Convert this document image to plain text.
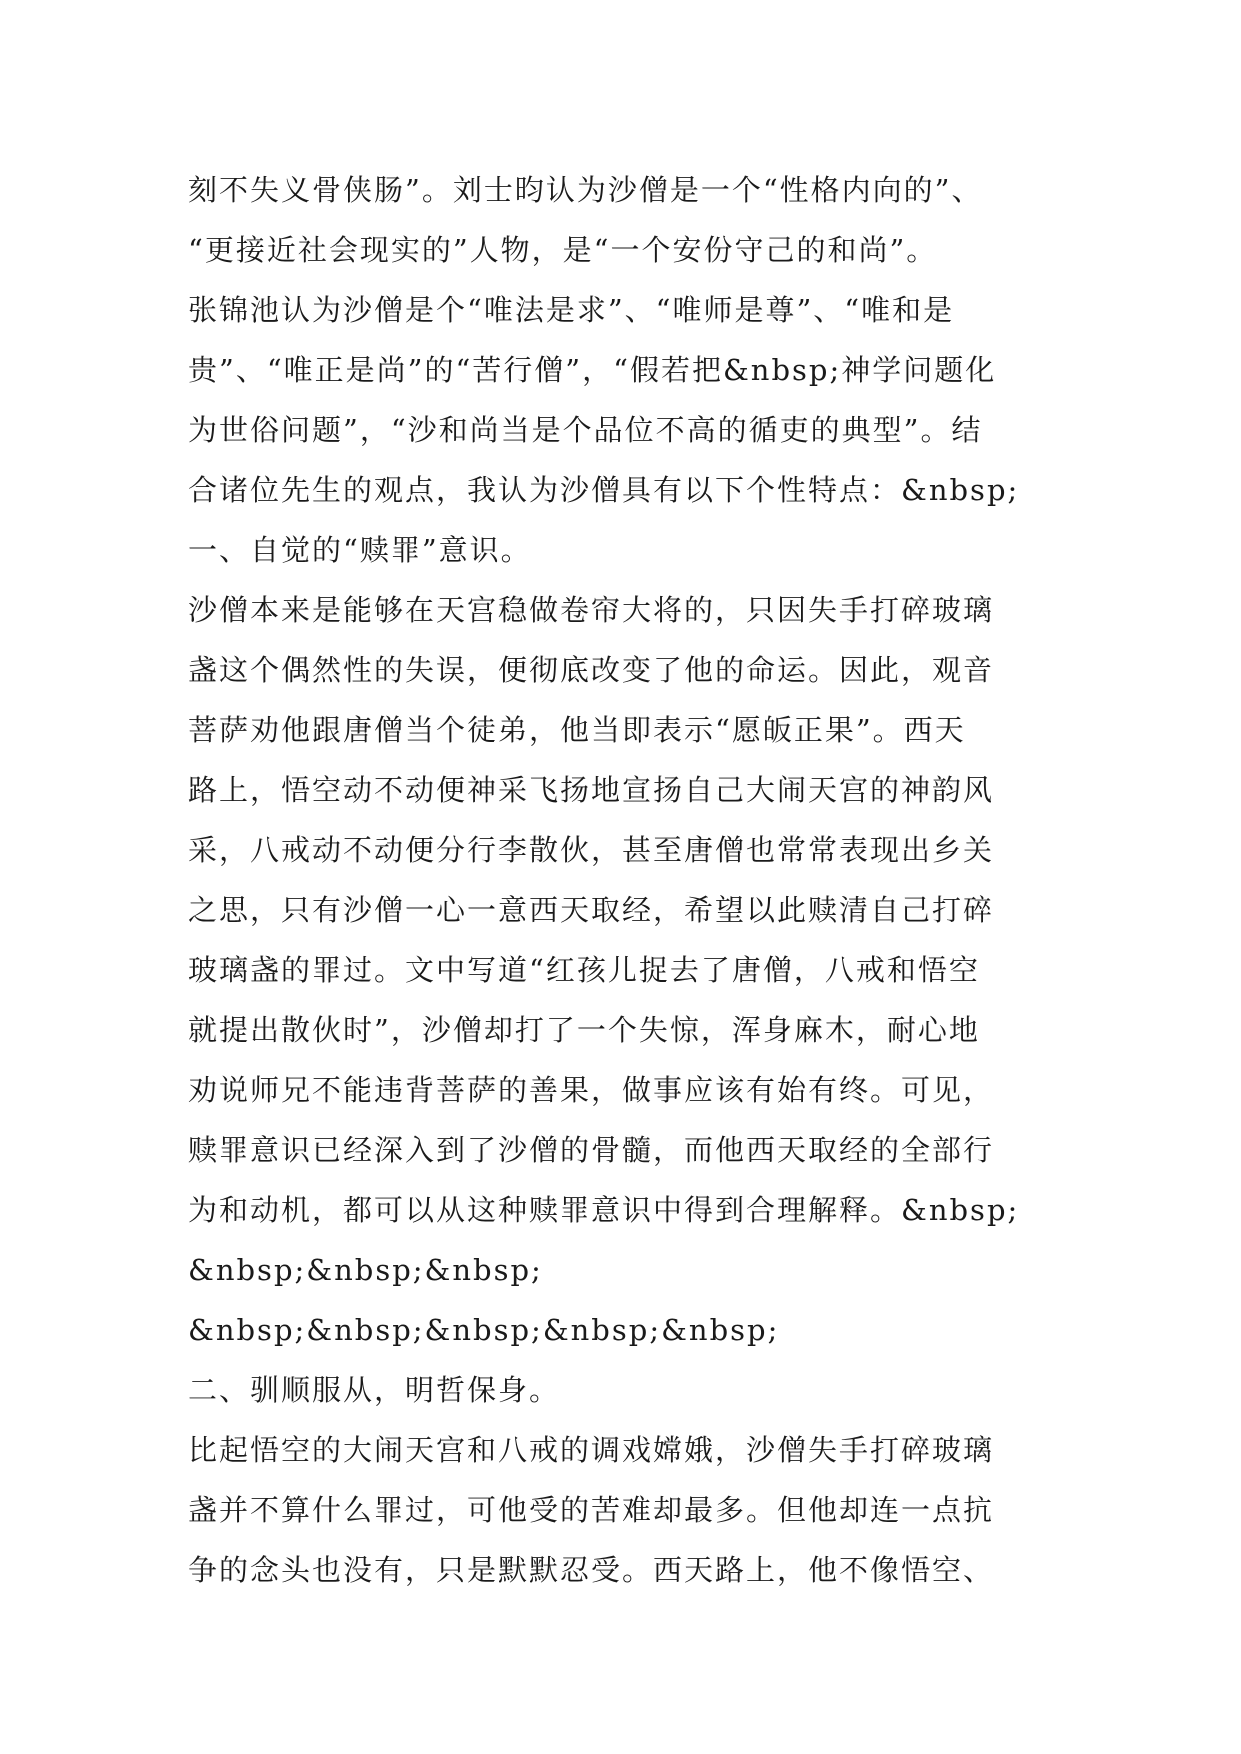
刻不失义骨侠肠”。刘士昀认为沙僧是一个“性格内向的”、
“更接近社会现实的”人物，是“一个安份守己的和尚”。
张锦池认为沙僧是个“唯法是求”、“唯师是尊”、“唯和是
贵”、“唯正是尚”的“苦行僧”，“假若把&nbsp;神学问题化
为世俗问题”，“沙和尚当是个品位不高的循吏的典型”。结
合诸位先生的观点，我认为沙僧具有以下个性特点：&nbsp;
一、自觉的“赎罪”意识。
沙僧本来是能够在天宫稳做卷帘大将的，只因失手打碎玻璃
盏这个偶然性的失误，便彻底改变了他的命运。因此，观音
菩萨劝他跟唐僧当个徒弟，他当即表示“愿皈正果”。西天
路上，悟空动不动便神采飞扬地宣扬自己大闹天宫的神韵风
采，八戒动不动便分行李散伙，甚至唐僧也常常表现出乡关
之思，只有沙僧一心一意西天取经，希望以此赎清自己打碎
玻璃盏的罪过。文中写道“红孩儿捉去了唐僧，八戒和悟空
就提出散伙时”，沙僧却打了一个失惊，浑身麻木，耐心地
劝说师兄不能违背菩萨的善果，做事应该有始有终。可见，
赎罪意识已经深入到了沙僧的骨髓，而他西天取经的全部行
为和动机，都可以从这种赎罪意识中得到合理解释。&nbsp;
&nbsp;&nbsp;&nbsp;
&nbsp;&nbsp;&nbsp;&nbsp;&nbsp;
二、驯顺服从，明哲保身。
比起悟空的大闹天宫和八戒的调戏嫦娥，沙僧失手打碎玻璃
盏并不算什么罪过，可他受的苦难却最多。但他却连一点抗
争的念头也没有，只是默默忍受。西天路上，他不像悟空、
